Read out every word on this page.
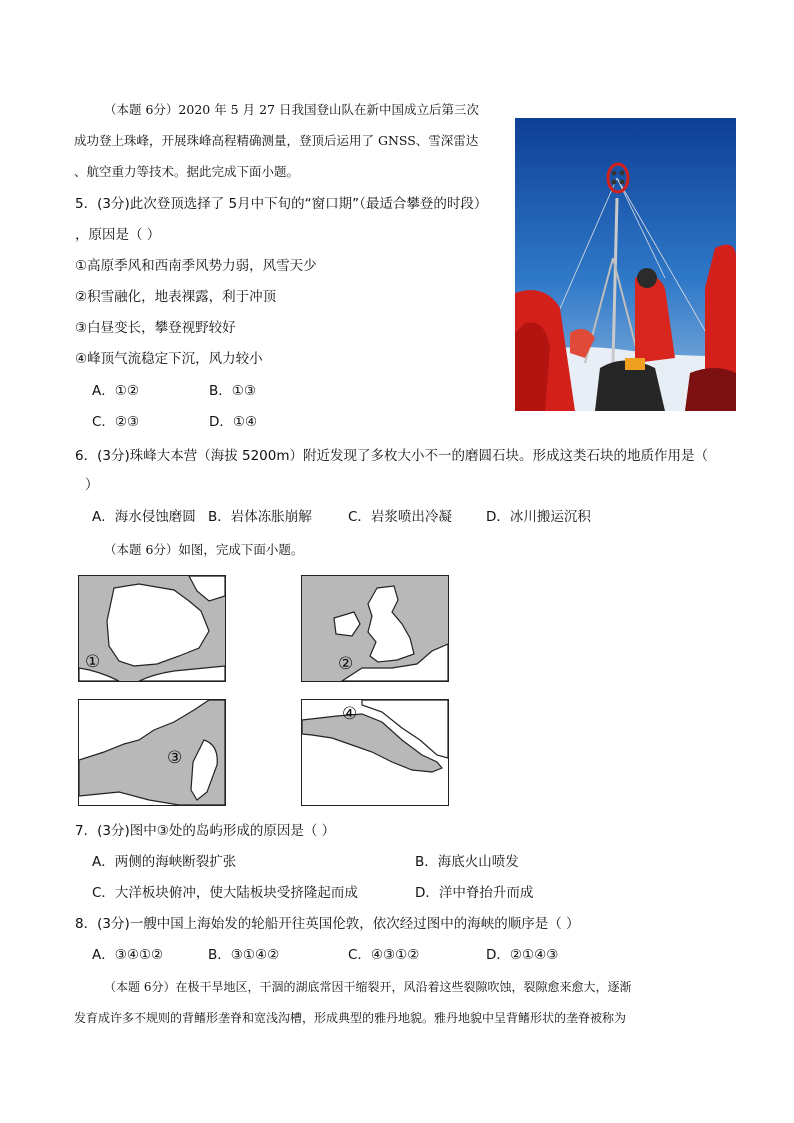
（本题 6分）2020 年 5 月 27 日我国登山队在新中国成立后第三次
成功登上珠峰，开展珠峰高程精确测量，登顶后运用了 GNSS、雪深雷达
、航空重力等技术。据此完成下面小题。
5．(3分)此次登顶选择了 5月中下旬的“窗口期”（最适合攀登的时段）
，原因是（ ）
①高原季风和西南季风势力弱，风雪天少
②积雪融化，地表裸露，利于冲顶
③白昼变长，攀登视野较好
④峰顶气流稳定下沉，风力较小
A．①②	B．①③
C．②③	D．①④
6．(3分)珠峰大本营（海拔 5200m）附近发现了多枚大小不一的磨圆石块。形成这类石块的地质作用是（
）
A．海水侵蚀磨圆 B．岩体冻胀崩解	C．岩浆喷出冷凝	D．冰川搬运沉积
（本题 6分）如图，完成下面小题。
①	②
③
④
7．(3分)图中③处的岛屿形成的原因是（ ）
A．两侧的海峡断裂扩张	B．海底火山喷发
C．大洋板块俯冲，使大陆板块受挤隆起而成	D．洋中脊抬升而成
8．(3分)一艘中国上海始发的轮船开往英国伦敦，依次经过图中的海峡的顺序是（ ）
A．③④①②	B．③①④②	C．④③①②	D．②①④③
（本题 6分）在极干旱地区，干涸的湖底常因干缩裂开，风沿着这些裂隙吹蚀，裂隙愈来愈大，逐渐
发育成许多不规则的背鳍形垄脊和宽浅沟槽，形成典型的雅丹地貌。雅丹地貌中呈背鳍形状的垄脊被称为
